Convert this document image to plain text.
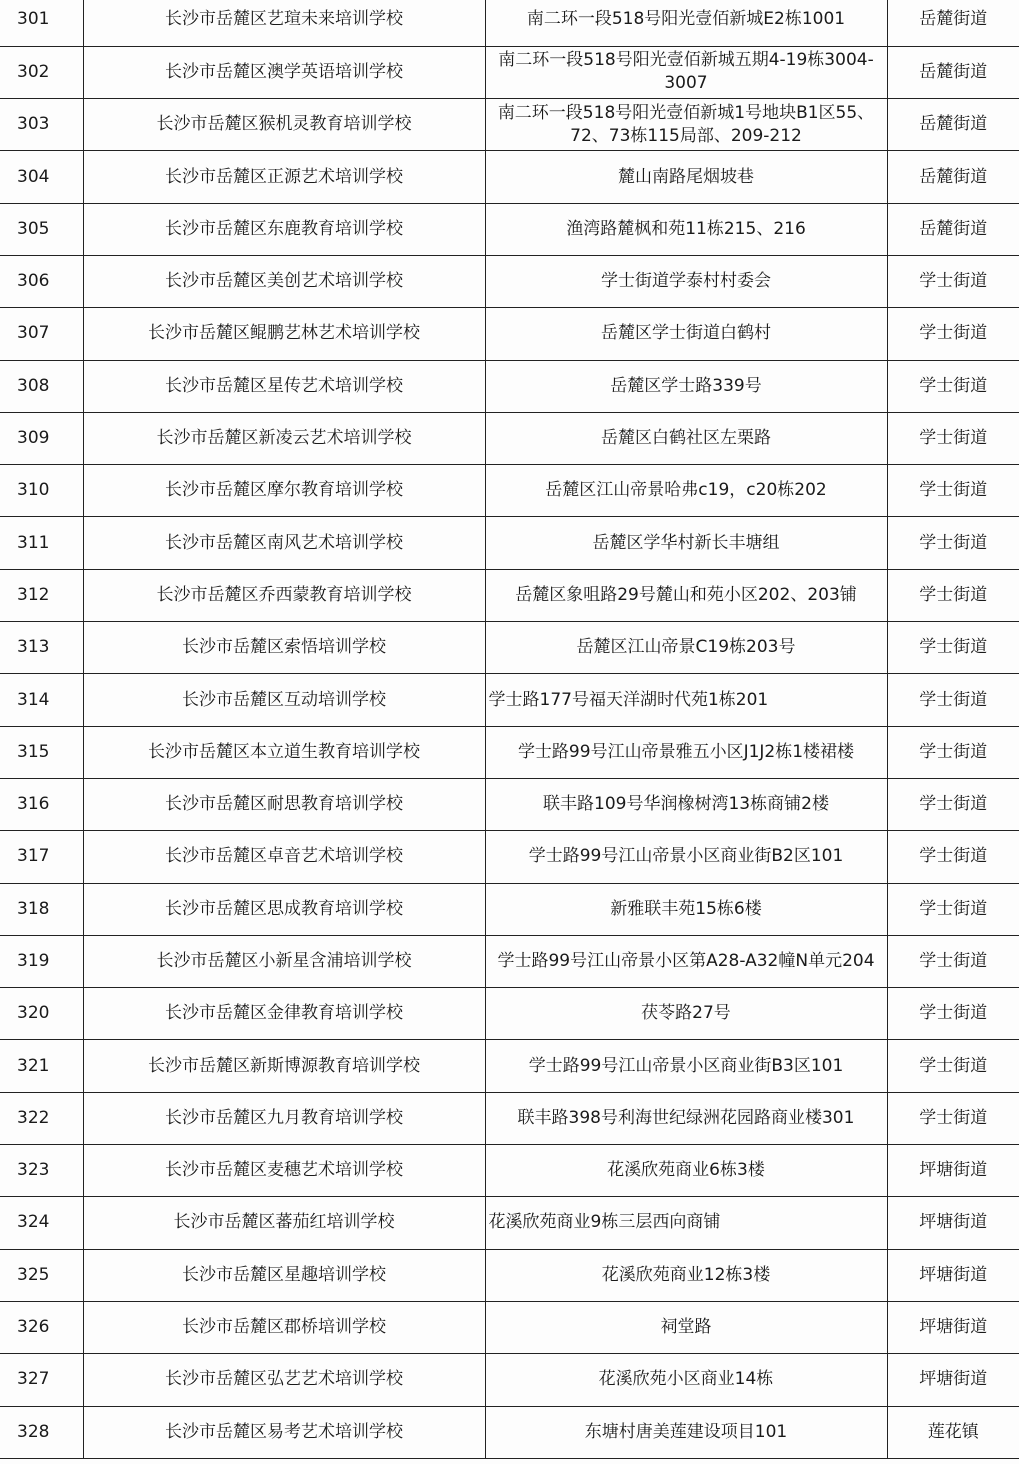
301	长沙市岳麓区艺瑄未来培训学校	南二环一段518号阳光壹佰新城E2栋1001	岳麓街道
302	长沙市岳麓区澳学英语培训学校	南二环一段518号阳光壹佰新城五期4-19栋3004-3007	岳麓街道
303	长沙市岳麓区猴机灵教育培训学校	南二环一段518号阳光壹佰新城1号地块B1区55、72、73栋115局部、209-212	岳麓街道
304	长沙市岳麓区正源艺术培训学校	麓山南路尾烟坡巷	岳麓街道
305	长沙市岳麓区东鹿教育培训学校	渔湾路麓枫和苑11栋215、216	岳麓街道
306	长沙市岳麓区美创艺术培训学校	学士街道学泰村村委会	学士街道
307	长沙市岳麓区鲲鹏艺林艺术培训学校	岳麓区学士街道白鹤村	学士街道
308	长沙市岳麓区星传艺术培训学校	岳麓区学士路339号	学士街道
309	长沙市岳麓区新凌云艺术培训学校	岳麓区白鹤社区左栗路	学士街道
310	长沙市岳麓区摩尔教育培训学校	岳麓区江山帝景哈弗c19，c20栋202	学士街道
311	长沙市岳麓区南风艺术培训学校	岳麓区学华村新长丰塘组	学士街道
312	长沙市岳麓区乔西蒙教育培训学校	岳麓区象咀路29号麓山和苑小区202、203铺	学士街道
313	长沙市岳麓区索悟培训学校	岳麓区江山帝景C19栋203号	学士街道
314	长沙市岳麓区互动培训学校	学士路177号福天洋湖时代苑1栋201	学士街道
315	长沙市岳麓区本立道生教育培训学校	学士路99号江山帝景雅五小区J1J2栋1楼裙楼	学士街道
316	长沙市岳麓区耐思教育培训学校	联丰路109号华润橡树湾13栋商铺2楼	学士街道
317	长沙市岳麓区卓音艺术培训学校	学士路99号江山帝景小区商业街B2区101	学士街道
318	长沙市岳麓区思成教育培训学校	新雅联丰苑15栋6楼	学士街道
319	长沙市岳麓区小新星含浦培训学校	学士路99号江山帝景小区第A28-A32幢N单元204	学士街道
320	长沙市岳麓区金律教育培训学校	茯苓路27号	学士街道
321	长沙市岳麓区新斯博源教育培训学校	学士路99号江山帝景小区商业街B3区101	学士街道
322	长沙市岳麓区九月教育培训学校	联丰路398号利海世纪绿洲花园路商业楼301	学士街道
323	长沙市岳麓区麦穗艺术培训学校	花溪欣苑商业6栋3楼	坪塘街道
324	长沙市岳麓区蕃茄红培训学校	花溪欣苑商业9栋三层西向商铺	坪塘街道
325	长沙市岳麓区星趣培训学校	花溪欣苑商业12栋3楼	坪塘街道
326	长沙市岳麓区郡桥培训学校	祠堂路	坪塘街道
327	长沙市岳麓区弘艺艺术培训学校	花溪欣苑小区商业14栋	坪塘街道
328	长沙市岳麓区易考艺术培训学校	东塘村唐美莲建设项目101	莲花镇
